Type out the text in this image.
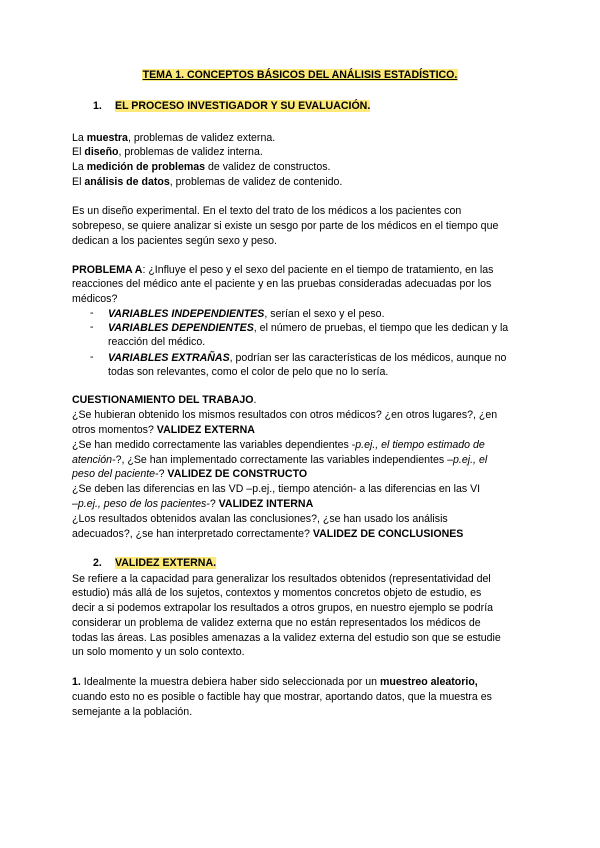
TEMA 1. CONCEPTOS BÁSICOS DEL ANÁLISIS ESTADÍSTICO.
1. EL PROCESO INVESTIGADOR Y SU EVALUACIÓN.
La muestra, problemas de validez externa.
El diseño, problemas de validez interna.
La medición de problemas de validez de constructos.
El análisis de datos, problemas de validez de contenido.
Es un diseño experimental. En el texto del trato de los médicos a los pacientes con
sobrepeso, se quiere analizar si existe un sesgo por parte de los médicos en el tiempo que
dedican a los pacientes según sexo y peso.
PROBLEMA A: ¿Influye el peso y el sexo del paciente en el tiempo de tratamiento, en las
reacciones del médico ante el paciente y en las pruebas consideradas adecuadas por los
médicos?
- VARIABLES INDEPENDIENTES, serían el sexo y el peso.
- VARIABLES DEPENDIENTES, el número de pruebas, el tiempo que les dedican y la
reacción del médico.
- VARIABLES EXTRAÑAS, podrían ser las características de los médicos, aunque no
todas son relevantes, como el color de pelo que no lo sería.
CUESTIONAMIENTO DEL TRABAJO.
¿Se hubieran obtenido los mismos resultados con otros médicos? ¿en otros lugares?, ¿en
otros momentos? VALIDEZ EXTERNA
¿Se han medido correctamente las variables dependientes -p.ej., el tiempo estimado de
atención-?, ¿Se han implementado correctamente las variables independientes –p.ej., el
peso del paciente-? VALIDEZ DE CONSTRUCTO
¿Se deben las diferencias en las VD –p.ej., tiempo atención- a las diferencias en las VI
–p.ej., peso de los pacientes-? VALIDEZ INTERNA
¿Los resultados obtenidos avalan las conclusiones?, ¿se han usado los análisis
adecuados?, ¿se han interpretado correctamente? VALIDEZ DE CONCLUSIONES
2. VALIDEZ EXTERNA.
Se refiere a la capacidad para generalizar los resultados obtenidos (representatividad del
estudio) más allá de los sujetos, contextos y momentos concretos objeto de estudio, es
decir a si podemos extrapolar los resultados a otros grupos, en nuestro ejemplo se podría
considerar un problema de validez externa que no están representados los médicos de
todas las áreas. Las posibles amenazas a la validez externa del estudio son que se estudie
un solo momento y un solo contexto.
1. Idealmente la muestra debiera haber sido seleccionada por un muestreo aleatorio,
cuando esto no es posible o factible hay que mostrar, aportando datos, que la muestra es
semejante a la población.
